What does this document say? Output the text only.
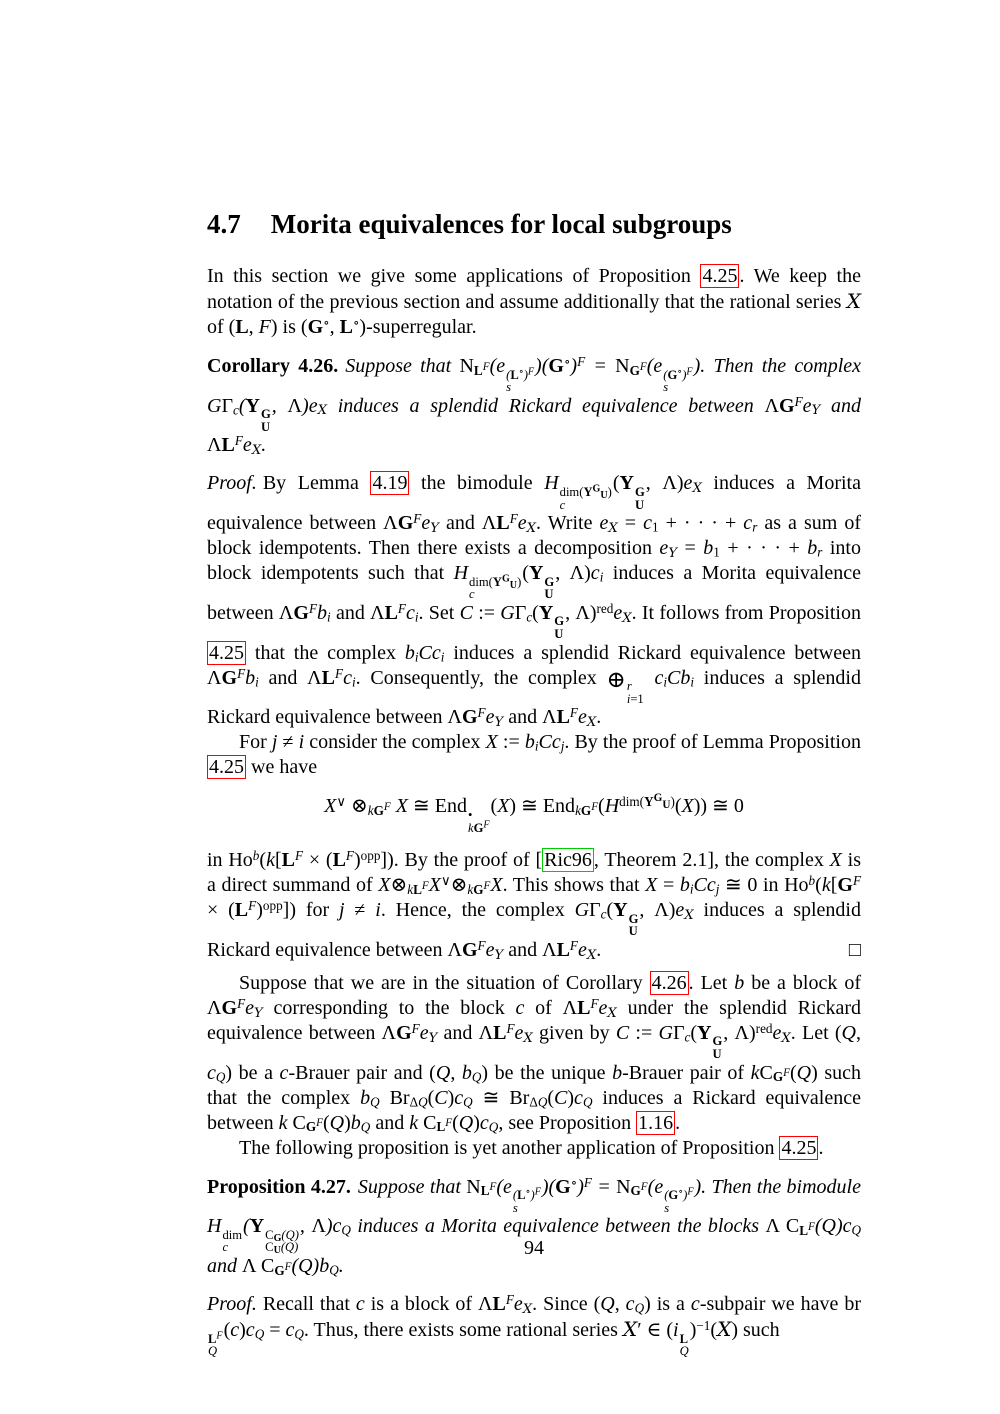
4.7 Morita equivalences for local subgroups

In this section we give some applications of Proposition 4.25 . We keep the notation of the previous section and assume additionally that the rational series X of (L, F) is (G∘, L∘)-superregular.

Corollary 4.26. Suppose that $N_{L^F}(e$ $(L^\circ)^F$
s
)$(G^\circ)^F = N_{G^F}(e$ $(G^\circ)^F$
s
). Then the complex $G\Gamma_c(Y$ G
U
, $\Lambda)e_X$ induces a splendid Rickard equivalence between $\Lambda G^Fe_Y$ and $\Lambda L^Fe_X$.

Proof. By Lemma 4.19 the bimodule H $dim(Y^G_U)$
c
(Y G
U
, $\Lambda)e_X$ induces a Morita equivalence between $\Lambda G^Fe_Y$ and $\Lambda L^Fe_X$. Write $e_X = c_1$ + · · · + $c_r$ as a sum of block idempotents. Then there exists a decomposition $e_Y = b_1$ + · · · + $b_r$ into block idempotents such that H $dim(Y^G_U)$
c
(Y G
U
, $\Lambda)c_i$ induces a Morita equivalence between $\Lambda G^Fb_i$ and $\Lambda L^Fc_i$. Set C := $G\Gamma_c(Y$ G
U
, $\Lambda)^{red}e_X$. It follows from Proposition 4.25 that the complex $b_iCc_i$ induces a splendid Rickard equivalence between $\Lambda G^Fb_i$ and $\Lambda L^Fc_i$. Consequently, the complex ⊕ r
i=1
$c_iCb_i$ induces a splendid Rickard equivalence between $\Lambda G^Fe_Y$ and $\Lambda L^Fe_X$.

For j ≠ i consider the complex X := $b_iCc_j$. By the proof of Lemma Proposition 4.25 we have

X∨ $\otimes_{kG^F}$ X ≅ End •
$kG^F$
(X) ≅ $End_{kG^F}(H^{dim(Y^G_U)}(X))$ ≅ 0

in $Ho^b(k[L^F \times (L^F)^{opp}])$. By the proof of [ Ric96 , Theorem 2.1], the complex X is a direct summand of $X\otimes_{kL^F}X^\vee\otimes_{kG^F}X$. This shows that $X = b_iCc_j$ ≅ 0 in $Ho^b(k[G^F \times (L^F)^{opp}])$ for j ≠ i. Hence, the complex $G\Gamma_c(Y$ G
U
, $\Lambda)e_X$ induces a splendid Rickard equivalence between $\Lambda G^Fe_Y$ and $\Lambda L^Fe_X$.	□

Suppose that we are in the situation of Corollary 4.26 . Let b be a block of $\Lambda G^Fe_Y$ corresponding to the block c of $\Lambda L^Fe_X$ under the splendid Rickard equivalence between $\Lambda G^Fe_Y$ and $\Lambda L^Fe_X$ given by C := $G\Gamma_c(Y$ G
U
, $\Lambda)^{red}e_X$. Let (Q, $c_Q$) be a c-Brauer pair and (Q, $b_Q$) be the unique b-Brauer pair of $kC_{G^F}(Q)$ such that the complex $b_Q$ $Br_{\Delta Q}(C)c_Q$ ≅ $Br_{\Delta Q}(C)c_Q$ induces a Rickard equivalence between k $C_{G^F}(Q)b_Q$ and k $C_{L^F}(Q)c_Q$, see Proposition 1.16 .

The following proposition is yet another application of Proposition 4.25 .

Proposition 4.27. Suppose that $N_{L^F}(e$ $(L^\circ)^F$
s
)$(G^\circ)^F = N_{G^F}(e$ $(G^\circ)^F$
s
). Then the bimodule H dim
c
(Y $C_G(Q)$
$C_U(Q)$
, $\Lambda)c_Q$ induces a Morita equivalence between the blocks Λ $C_{L^F}(Q)c_Q$ and Λ $C_{G^F}(Q)b_Q$.

Proof. Recall that c is a block of $\Lambda L^Fe_X$. Since (Q, $c_Q$) is a c-subpair we have br
$L^F$
Q
$(c)c_Q = c_Q$. Thus, there exists some rational series X′ ∈ (i L
Q
)$^{-1}$(X) such

94
